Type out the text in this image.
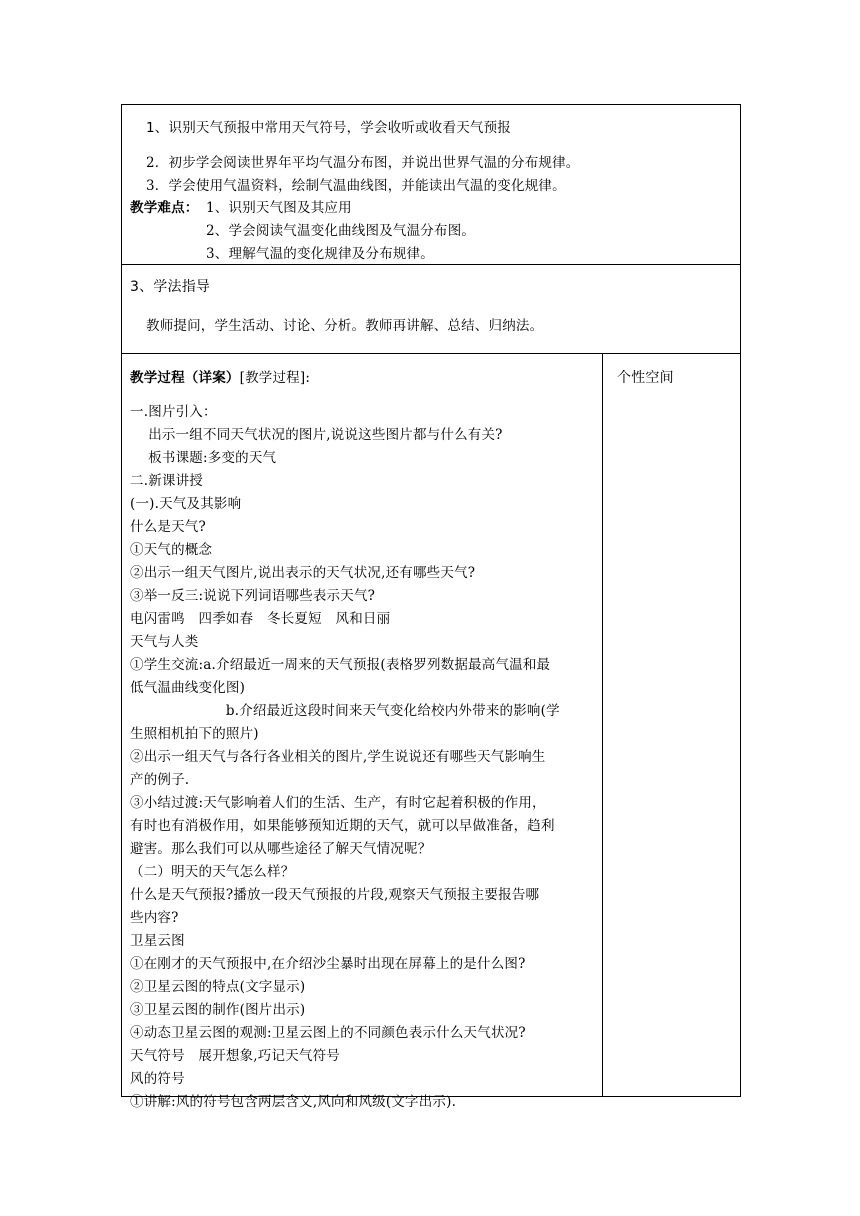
1、识别天气预报中常用天气符号，学会收听或收看天气预报
2．初步学会阅读世界年平均气温分布图，并说出世界气温的分布规律。
3．学会使用气温资料，绘制气温曲线图，并能读出气温的变化规律。
教学难点： 1、识别天气图及其应用
2、学会阅读气温变化曲线图及气温分布图。
3、理解气温的变化规律及分布规律。
3、学法指导
教师提问，学生活动、讨论、分析。教师再讲解、总结、归纳法。
教学过程（详案）[教学过程]:	个性空间
一.图片引入：
　 出示一组不同天气状况的图片,说说这些图片都与什么有关?
　 板书课题:多变的天气
二.新课讲授
(一).天气及其影响
什么是天气?
①天气的概念
②出示一组天气图片,说出表示的天气状况,还有哪些天气?
③举一反三:说说下列词语哪些表示天气?
电闪雷鸣　四季如春　冬长夏短　风和日丽
天气与人类
①学生交流:a.介绍最近一周来的天气预报(表格罗列数据最高气温和最
低气温曲线变化图)
　　　　　　　b.介绍最近这段时间来天气变化给校内外带来的影响(学
生照相机拍下的照片)
②出示一组天气与各行各业相关的图片,学生说说还有哪些天气影响生
产的例子.
③小结过渡:天气影响着人们的生活、生产，有时它起着积极的作用，
有时也有消极作用，如果能够预知近期的天气，就可以早做准备，趋利
避害。那么我们可以从哪些途径了解天气情况呢？
（二）明天的天气怎么样？
什么是天气预报?播放一段天气预报的片段,观察天气预报主要报告哪
些内容?
卫星云图
①在刚才的天气预报中,在介绍沙尘暴时出现在屏幕上的是什么图?
②卫星云图的特点(文字显示)
③卫星云图的制作(图片出示)
④动态卫星云图的观测:卫星云图上的不同颜色表示什么天气状况?
天气符号　展开想象,巧记天气符号
风的符号
①讲解:风的符号包含两层含义,风向和风级(文字出示).
